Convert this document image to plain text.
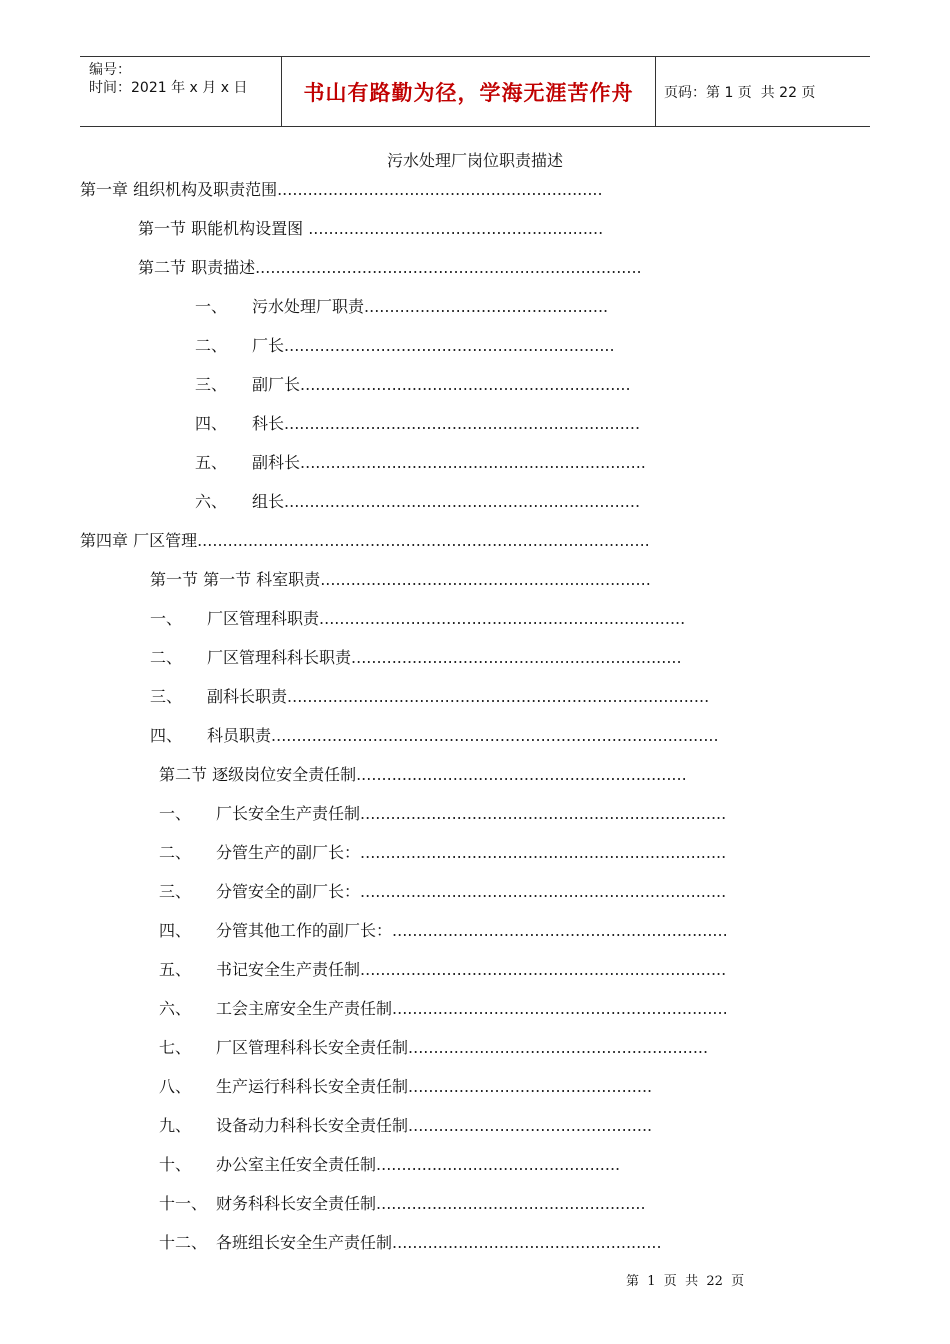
编号：
时间：2021 年 x 月 x 日	书山有路勤为径，学海无涯苦作舟	页码：第 1 页  共 22 页
污水处理厂岗位职责描述
第一章 组织机构及职责范围................................................................
第一节 职能机构设置图 ..........................................................
第二节 职责描述............................................................................
一、 污水处理厂职责................................................
二、 厂长.................................................................
三、 副厂长.................................................................
四、 科长......................................................................
五、 副科长....................................................................
六、 组长......................................................................
第四章 厂区管理.........................................................................................
第一节 第一节 科室职责.................................................................
一、 厂区管理科职责........................................................................
二、 厂区管理科科长职责.................................................................
三、 副科长职责...................................................................................
四、 科员职责........................................................................................
第二节 逐级岗位安全责任制.................................................................
一、 厂长安全生产责任制........................................................................
二、 分管生产的副厂长：........................................................................
三、 分管安全的副厂长：........................................................................
四、 分管其他工作的副厂长：..................................................................
五、 书记安全生产责任制........................................................................
六、 工会主席安全生产责任制..................................................................
七、 厂区管理科科长安全责任制...........................................................
八、 生产运行科科长安全责任制................................................
九、 设备动力科科长安全责任制................................................
十、 办公室主任安全责任制................................................
十一、 财务科科长安全责任制.....................................................
十二、 各班组长安全生产责任制.....................................................
第  1  页  共  22  页
